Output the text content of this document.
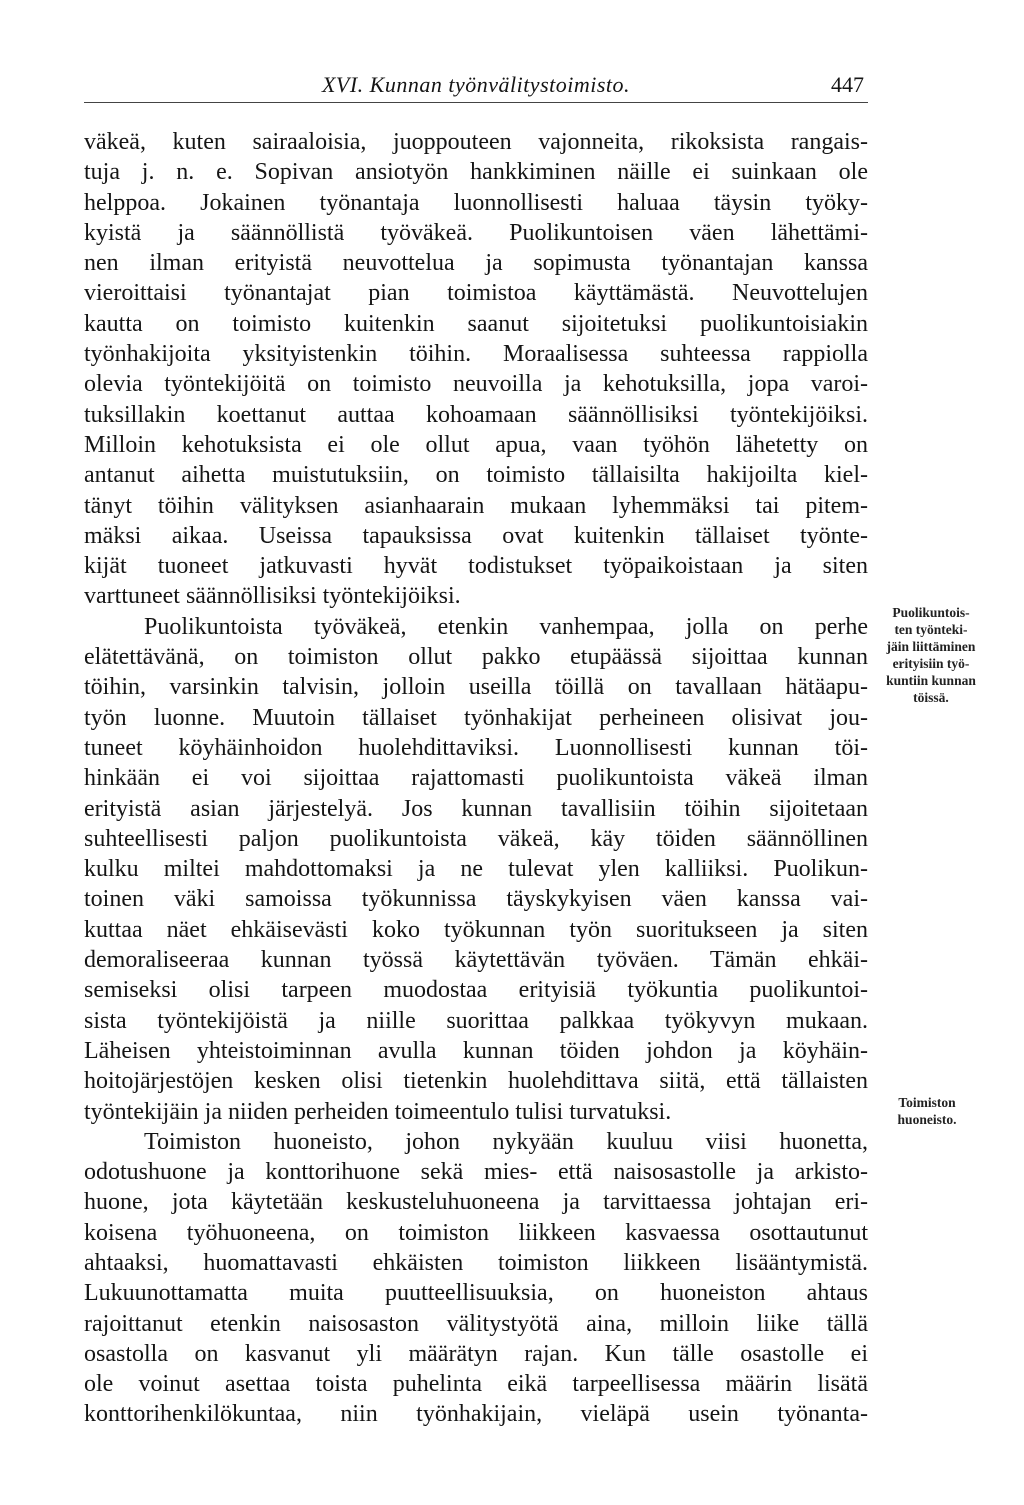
XVI. Kunnan työnvälitystoimisto.	447
väkeä, kuten sairaaloisia, juoppouteen vajonneita, rikoksista rangais-
tuja j. n. e. Sopivan ansiotyön hankkiminen näille ei suinkaan ole
helppoa. Jokainen työnantaja luonnollisesti haluaa täysin työky-
kyistä ja säännöllistä työväkeä. Puolikuntoisen väen lähettämi-
nen ilman erityistä neuvottelua ja sopimusta työnantajan kanssa
vieroittaisi työnantajat pian toimistoa käyttämästä. Neuvottelujen
kautta on toimisto kuitenkin saanut sijoitetuksi puolikuntoisiakin
työnhakijoita yksityistenkin töihin. Moraalisessa suhteessa rappiolla
olevia työntekijöitä on toimisto neuvoilla ja kehotuksilla, jopa varoi-
tuksillakin koettanut auttaa kohoamaan säännöllisiksi työntekijöiksi.
Milloin kehotuksista ei ole ollut apua, vaan työhön lähetetty on
antanut aihetta muistutuksiin, on toimisto tällaisilta hakijoilta kiel-
tänyt töihin välityksen asianhaarain mukaan lyhemmäksi tai pitem-
mäksi aikaa. Useissa tapauksissa ovat kuitenkin tällaiset työnte-
kijät tuoneet jatkuvasti hyvät todistukset työpaikoistaan ja siten
varttuneet säännöllisiksi työntekijöiksi.
Puolikuntoista työväkeä, etenkin vanhempaa, jolla on perhe
elätettävänä, on toimiston ollut pakko etupäässä sijoittaa kunnan
töihin, varsinkin talvisin, jolloin useilla töillä on tavallaan hätäapu-
työn luonne. Muutoin tällaiset työnhakijat perheineen olisivat jou-
tuneet köyhäinhoidon huolehdittaviksi. Luonnollisesti kunnan töi-
hinkään ei voi sijoittaa rajattomasti puolikuntoista väkeä ilman
erityistä asian järjestelyä. Jos kunnan tavallisiin töihin sijoitetaan
suhteellisesti paljon puolikuntoista väkeä, käy töiden säännöllinen
kulku miltei mahdottomaksi ja ne tulevat ylen kalliiksi. Puolikun-
toinen väki samoissa työkunnissa täyskykyisen väen kanssa vai-
kuttaa näet ehkäisevästi koko työkunnan työn suoritukseen ja siten
demoraliseeraa kunnan työssä käytettävän työväen. Tämän ehkäi-
semiseksi olisi tarpeen muodostaa erityisiä työkuntia puolikuntoi-
sista työntekijöistä ja niille suorittaa palkkaa työkyvyn mukaan.
Läheisen yhteistoiminnan avulla kunnan töiden johdon ja köyhäin-
hoitojärjestöjen kesken olisi tietenkin huolehdittava siitä, että tällaisten
työntekijäin ja niiden perheiden toimeentulo tulisi turvatuksi.
Toimiston huoneisto, johon nykyään kuuluu viisi huonetta,
odotushuone ja konttorihuone sekä mies- että naisosastolle ja arkisto-
huone, jota käytetään keskusteluhuoneena ja tarvittaessa johtajan eri-
koisena työhuoneena, on toimiston liikkeen kasvaessa osottautunut
ahtaaksi, huomattavasti ehkäisten toimiston liikkeen lisääntymistä.
Lukuunottamatta muita puutteellisuuksia, on huoneiston ahtaus
rajoittanut etenkin naisosaston välitystyötä aina, milloin liike tällä
osastolla on kasvanut yli määrätyn rajan. Kun tälle osastolle ei
ole voinut asettaa toista puhelinta eikä tarpeellisessa määrin lisätä
konttorihenkilökuntaa, niin työnhakijain, vieläpä usein työnanta-
Puolikuntois-
ten työnteki-
jäin liittäminen
erityisiin työ-
kuntiin kunnan
töissä.
Toimiston
huoneisto.
